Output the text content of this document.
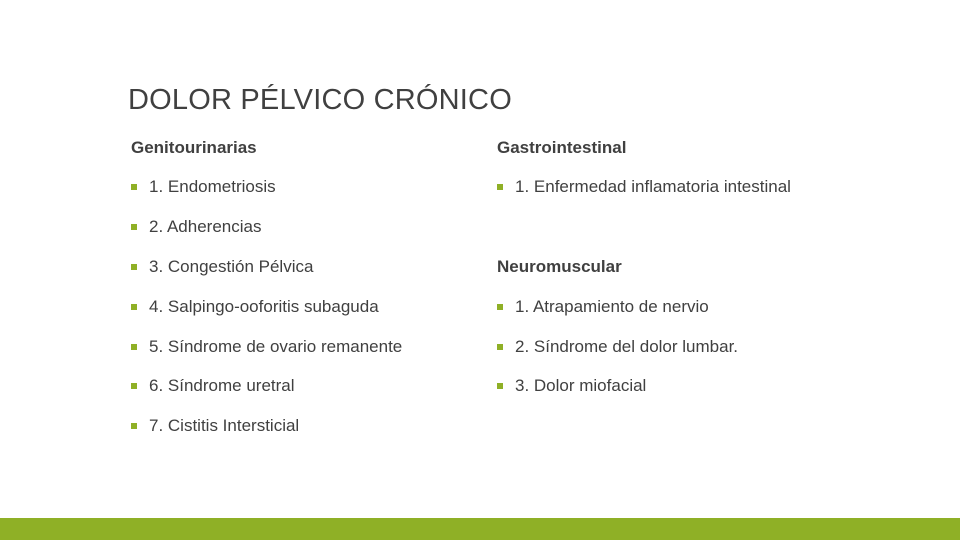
DOLOR PÉLVICO CRÓNICO
Genitourinarias
1. Endometriosis
2. Adherencias
3. Congestión Pélvica
4. Salpingo-ooforitis subaguda
5. Síndrome de ovario remanente
6. Síndrome uretral
7. Cistitis Intersticial
Gastrointestinal
1. Enfermedad inflamatoria intestinal
Neuromuscular
1. Atrapamiento de nervio
2. Síndrome del dolor lumbar.
3. Dolor miofacial
